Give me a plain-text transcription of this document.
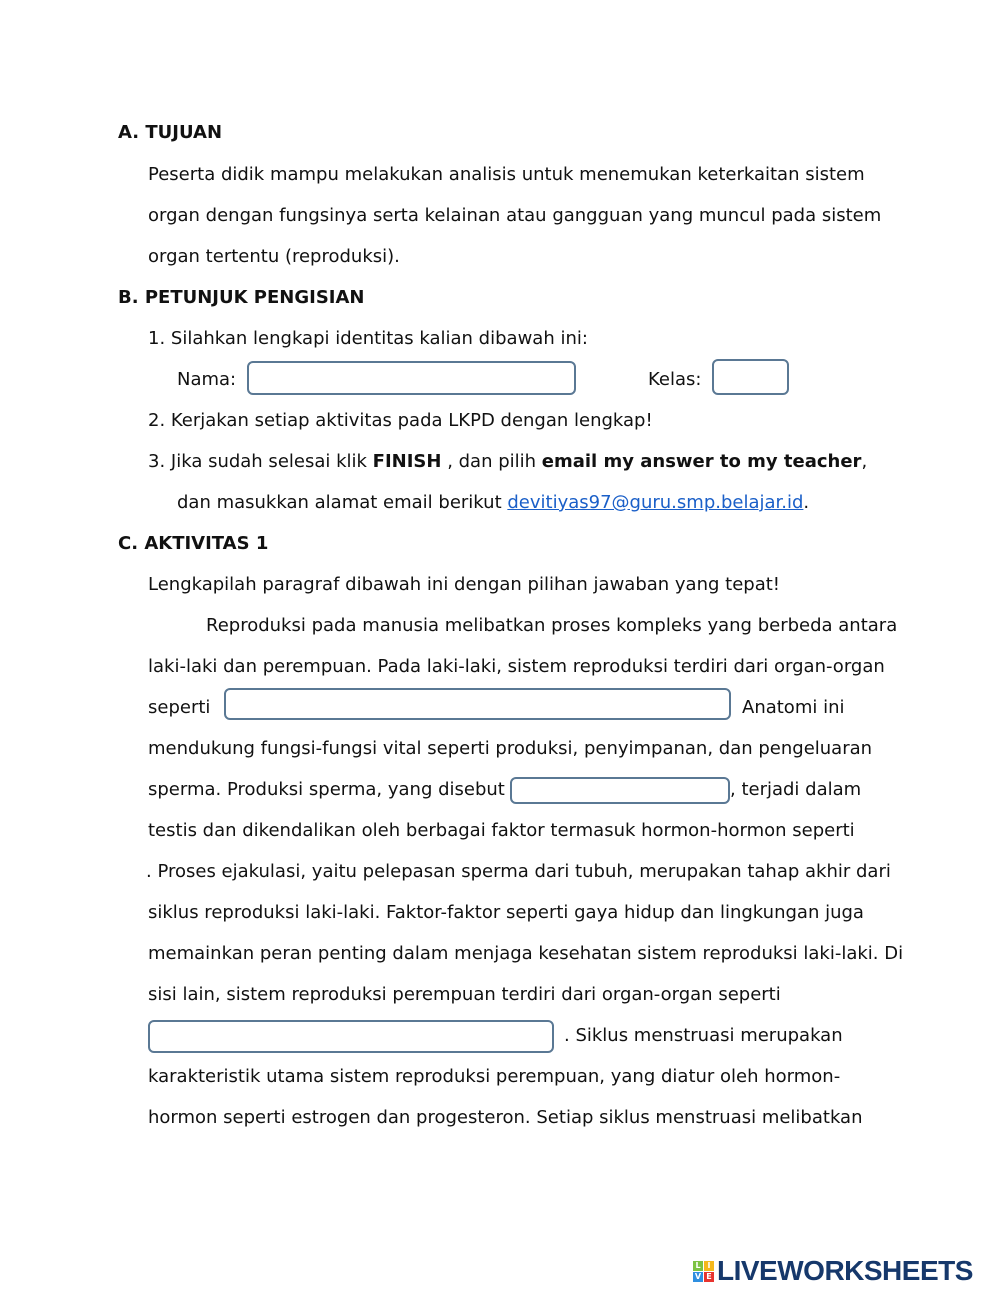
A. TUJUAN
Peserta didik mampu melakukan analisis untuk menemukan keterkaitan sistem
organ dengan fungsinya serta kelainan atau gangguan yang muncul pada sistem
organ tertentu (reproduksi).
B. PETUNJUK PENGISIAN
1. Silahkan lengkapi identitas kalian dibawah ini:
Nama:	Kelas:
2. Kerjakan setiap aktivitas pada LKPD dengan lengkap!
3. Jika sudah selesai klik FINISH , dan pilih email my answer to my teacher,
dan masukkan alamat email berikut devitiyas97@guru.smp.belajar.id.
C. AKTIVITAS 1
Lengkapilah paragraf dibawah ini dengan pilihan jawaban yang tepat!
Reproduksi pada manusia melibatkan proses kompleks yang berbeda antara
laki-laki dan perempuan. Pada laki-laki, sistem reproduksi terdiri dari organ-organ
seperti	Anatomi ini
mendukung fungsi-fungsi vital seperti produksi, penyimpanan, dan pengeluaran
sperma. Produksi sperma, yang disebut	, terjadi dalam
testis dan dikendalikan oleh berbagai faktor termasuk hormon-hormon seperti
. Proses ejakulasi, yaitu pelepasan sperma dari tubuh, merupakan tahap akhir dari
siklus reproduksi laki-laki. Faktor-faktor seperti gaya hidup dan lingkungan juga
memainkan peran penting dalam menjaga kesehatan sistem reproduksi laki-laki. Di
sisi lain, sistem reproduksi perempuan terdiri dari organ-organ seperti
. Siklus menstruasi merupakan
karakteristik utama sistem reproduksi perempuan, yang diatur oleh hormon-
hormon seperti estrogen dan progesteron. Setiap siklus menstruasi melibatkan
L I
V E LIVEWORKSHEETS
